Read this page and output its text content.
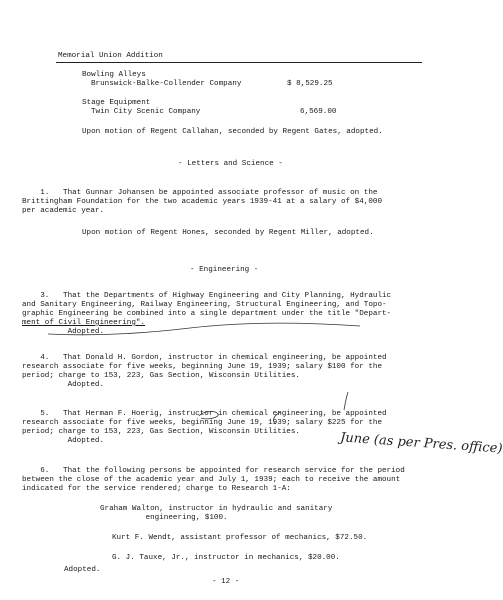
Memorial Union Addition
Bowling Alleys
Brunswick-Balke-Collender Company	$ 8,529.25
Stage Equipment
Twin City Scenic Company	6,569.00
Upon motion of Regent Callahan, seconded by Regent Gates, adopted.
- Letters and Science -
1.   That Gunnar Johansen be appointed associate professor of music on the
Brittingham Foundation for the two academic years 1939-41 at a salary of $4,000
per academic year.
Upon motion of Regent Hones, seconded by Regent Miller, adopted.
- Engineering -
3.   That the Departments of Highway Engineering and City Planning, Hydraulic
and Sanitary Engineering, Railway Engineering, Structural Engineering, and Topo-
graphic Engineering be combined into a single department under the title "Depart-
ment of Civil Engineering".
Adopted.
4.   That Donald H. Gordon, instructor in chemical engineering, be appointed
research associate for five weeks, beginning June 19, 1939; salary $100 for the
period; charge to 153, 223, Gas Section, Wisconsin Utilities.
Adopted.
5.   That Herman F. Hoerig, instructor in chemical engineering, be appointed
research associate for five weeks, beginning June 19, 1939; salary $225 for the
period; charge to 153, 223, Gas Section, Wisconsin Utilities.
Adopted.	June (as per Pres. office)
6.   That the following persons be appointed for research service for the period
between the close of the academic year and July 1, 1939; each to receive the amount
indicated for the service rendered; charge to Research 1-A:
Graham Walton, instructor in hydraulic and sanitary
engineering, $100.
Kurt F. Wendt, assistant professor of mechanics, $72.50.
G. J. Tauxe, Jr., instructor in mechanics, $20.00.
Adopted.
- 12 -
